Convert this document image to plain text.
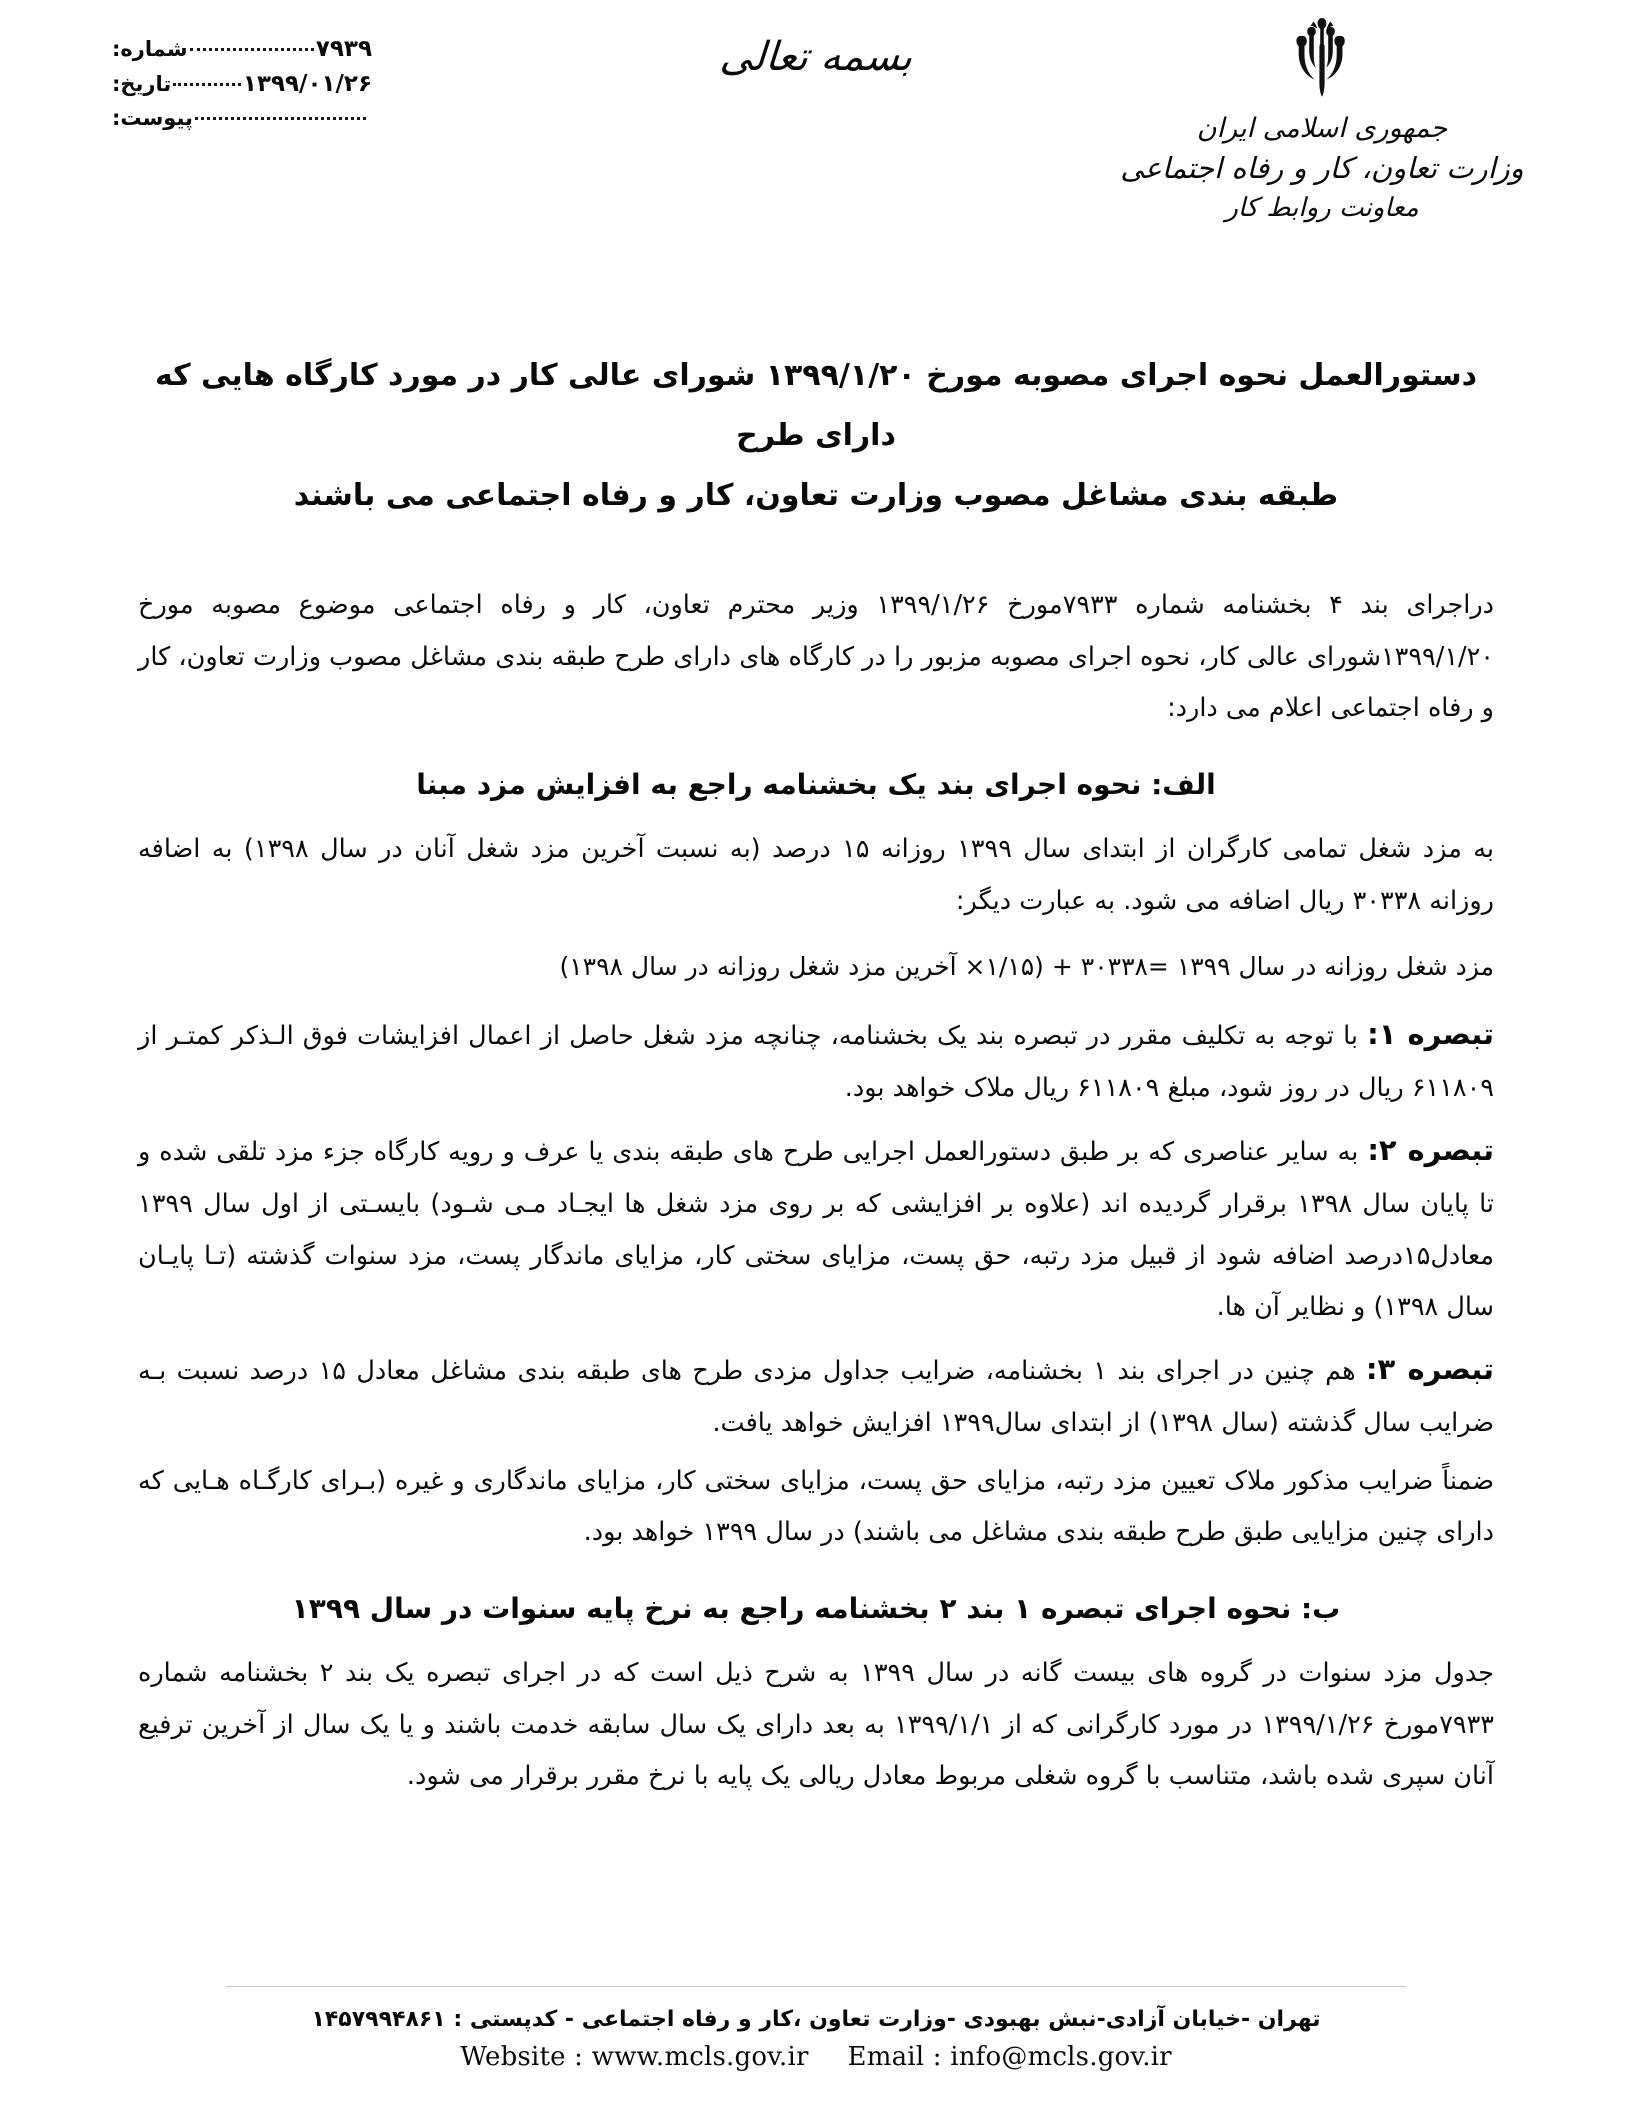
شماره:	۷۹۳۹
تاریخ:	۱۳۹۹/۰۱/۲۶
پیوست:
بسمه تعالی
جمهوری اسلامی ایران
وزارت تعاون، کار و رفاه اجتماعی
معاونت روابط کار
دستورالعمل نحوه اجرای مصوبه مورخ ۱۳۹۹/۱/۲۰ شورای عالی کار در مورد کارگاه هایی که دارای طرح
طبقه بندی مشاغل مصوب وزارت تعاون، کار و رفاه اجتماعی می باشند

دراجرای بند ۴ بخشنامه شماره ۷۹۳۳مورخ ۱۳۹۹/۱/۲۶ وزیر محترم تعاون، کار و رفاه اجتماعی موضوع مصوبه مورخ ۱۳۹۹/۱/۲۰شورای عالی کار، نحوه اجرای مصوبه مزبور را در کارگاه های دارای طرح طبقه بندی مشاغل مصوب وزارت تعاون، کار و رفاه اجتماعی اعلام می دارد:

الف: نحوه اجرای بند یک بخشنامه راجع به افزایش مزد مبنا

به مزد شغل تمامی کارگران از ابتدای سال ۱۳۹۹ روزانه ۱۵ درصد (به نسبت آخرین مزد شغل آنان در سال ۱۳۹۸) به اضافه روزانه ۳۰۳۳۸ ریال اضافه می شود. به عبارت دیگر:

مزد شغل روزانه در سال ۱۳۹۹ =۳۰۳۳۸ + (۱/۱۵× آخرین مزد شغل روزانه در سال ۱۳۹۸)

تبصره ۱: با توجه به تکلیف مقرر در تبصره بند یک بخشنامه، چنانچه مزد شغل حاصل از اعمال افزایشات فوق الـذکر کمتـر از ۶۱۱۸۰۹ ریال در روز شود، مبلغ ۶۱۱۸۰۹ ریال ملاک خواهد بود.

تبصره ۲: به سایر عناصری که بر طبق دستورالعمل اجرایی طرح های طبقه بندی یا عرف و رویه کارگاه جزء مزد تلقی شده و تا پایان سال ۱۳۹۸ برقرار گردیده اند (علاوه بر افزایشی که بر روی مزد شغل ها ایجـاد مـی شـود) بایسـتی از اول سال ۱۳۹۹ معادل۱۵درصد اضافه شود از قبیل مزد رتبه، حق پست، مزایای سختی کار، مزایای ماندگار پست، مزد سنوات گذشته (تـا پایـان سال ۱۳۹۸) و نظایر آن ها.

تبصره ۳: هم چنین در اجرای بند ۱ بخشنامه، ضرایب جداول مزدی طرح های طبقه بندی مشاغل معادل ۱۵ درصد نسبت بـه ضرایب سال گذشته (سال ۱۳۹۸) از ابتدای سال۱۳۹۹ افزایش خواهد یافت.

ضمناً ضرایب مذکور ملاک تعیین مزد رتبه، مزایای حق پست، مزایای سختی کار، مزایای ماندگاری و غیره (بـرای کارگـاه هـایی که دارای چنین مزایایی طبق طرح طبقه بندی مشاغل می باشند) در سال ۱۳۹۹ خواهد بود.

ب: نحوه اجرای تبصره ۱ بند ۲ بخشنامه راجع به نرخ پایه سنوات در سال ۱۳۹۹

جدول مزد سنوات در گروه های بیست گانه در سال ۱۳۹۹ به شرح ذیل است که در اجرای تبصره یک بند ۲ بخشنامه شماره ۷۹۳۳مورخ ۱۳۹۹/۱/۲۶ در مورد کارگرانی که از ۱۳۹۹/۱/۱ به بعد دارای یک سال سابقه خدمت باشند و یا یک سال از آخرین ترفیع آنان سپری شده باشد، متناسب با گروه شغلی مربوط معادل ریالی یک پایه با نرخ مقرر برقرار می شود.

تهران -خیابان آزادی-نبش بهبودی -وزارت تعاون ،کار و رفاه اجتماعی - کدپستی : ۱۴۵۷۹۹۴۸۶۱
Website : www.mcls.gov.ir Email : info@mcls.gov.ir
